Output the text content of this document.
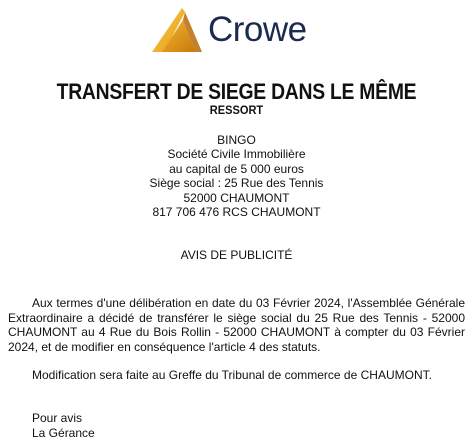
Crowe
TRANSFERT DE SIEGE DANS LE MÊME
RESSORT
BINGO
Société Civile Immobilière
au capital de 5 000 euros
Siège social : 25 Rue des Tennis
52000 CHAUMONT
817 706 476 RCS CHAUMONT
AVIS DE PUBLICITÉ

Aux termes d'une délibération en date du 03 Février 2024, l'Assemblée Générale Extraordinaire a décidé de transférer le siège social du 25 Rue des Tennis - 52000 CHAUMONT au 4 Rue du Bois Rollin - 52000 CHAUMONT à compter du 03 Février 2024, et de modifier en conséquence l'article 4 des statuts.

Modification sera faite au Greffe du Tribunal de commerce de CHAUMONT.

Pour avis
La Gérance
